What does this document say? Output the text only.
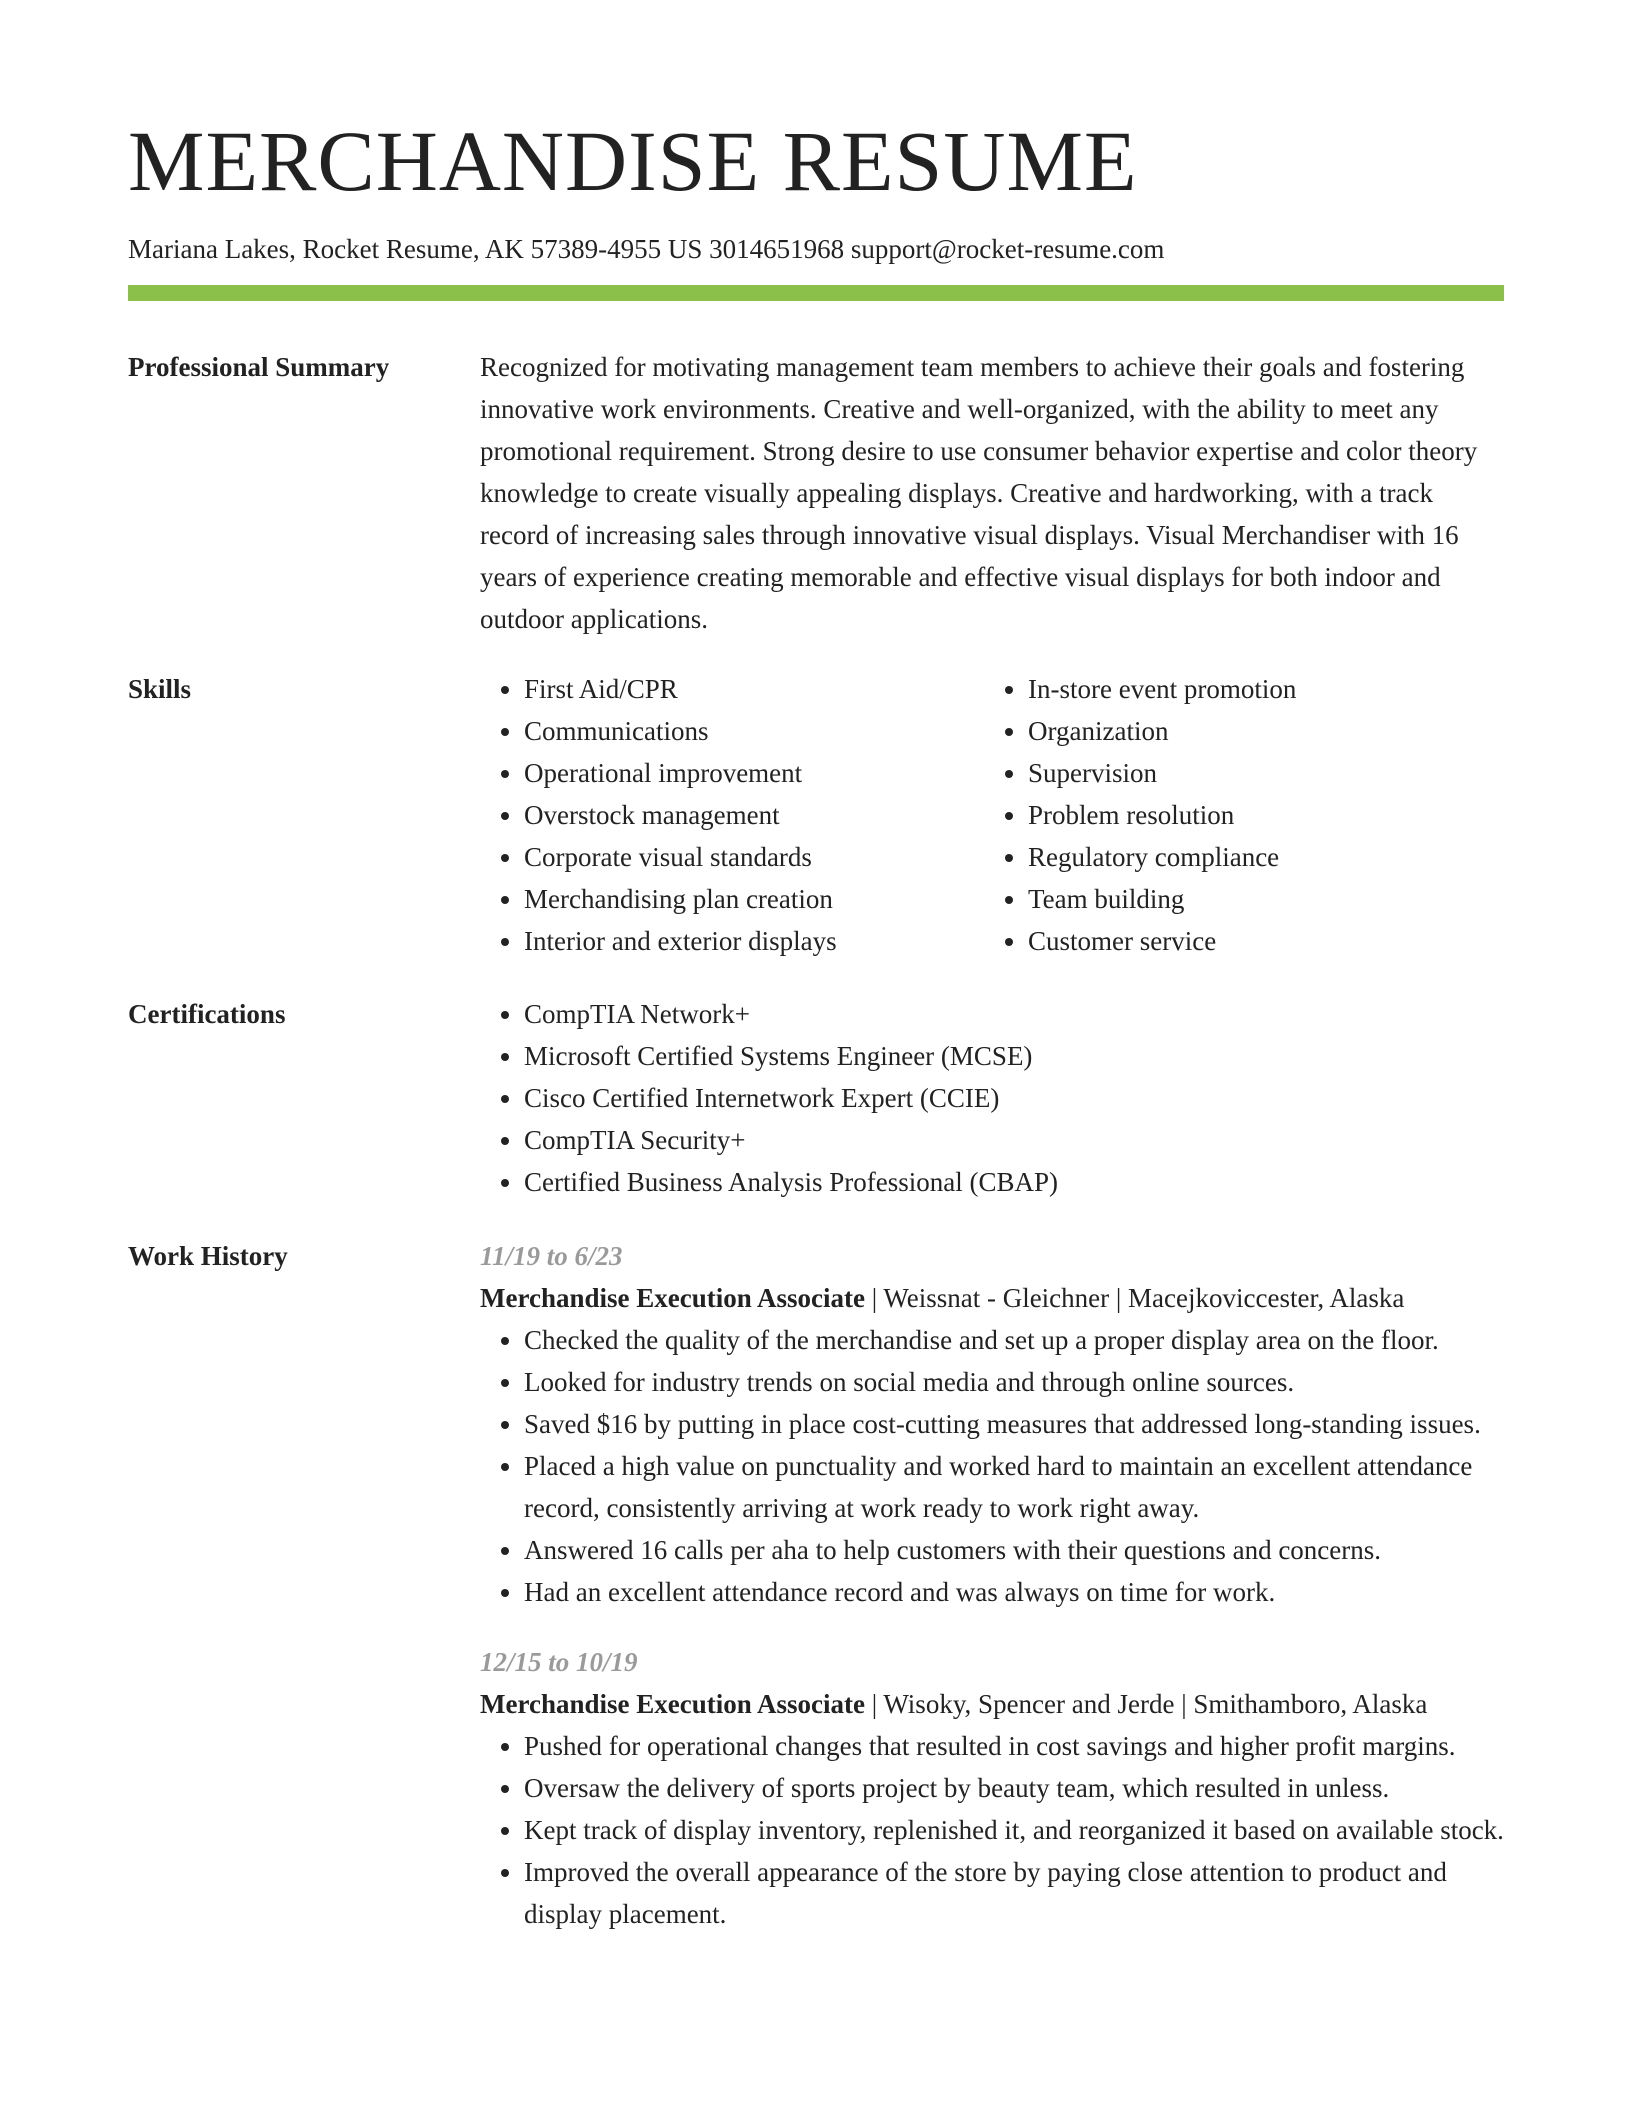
MERCHANDISE RESUME
Mariana Lakes, Rocket Resume, AK 57389-4955 US 3014651968 support@rocket-resume.com
Professional Summary	Recognized for motivating management team members to achieve their goals and fostering innovative work environments. Creative and well-organized, with the ability to meet any promotional requirement. Strong desire to use consumer behavior expertise and color theory knowledge to create visually appealing displays. Creative and hardworking, with a track record of increasing sales through innovative visual displays. Visual Merchandiser with 16 years of experience creating memorable and effective visual displays for both indoor and outdoor applications.

Skills	• First Aid/CPR
• Communications
• Operational improvement
• Overstock management
• Corporate visual standards
• Merchandising plan creation
• Interior and exterior displays
• In-store event promotion
• Organization
• Supervision
• Problem resolution
• Regulatory compliance
• Team building
• Customer service
Certifications	• CompTIA Network+
• Microsoft Certified Systems Engineer (MCSE)
• Cisco Certified Internetwork Expert (CCIE)
• CompTIA Security+
• Certified Business Analysis Professional (CBAP)
Work History	11/19 to 6/23
Merchandise Execution Associate | Weissnat - Gleichner | Macejkoviccester, Alaska
• Checked the quality of the merchandise and set up a proper display area on the floor.
• Looked for industry trends on social media and through online sources.
• Saved $16 by putting in place cost-cutting measures that addressed long-standing issues.
• Placed a high value on punctuality and worked hard to maintain an excellent attendance record, consistently arriving at work ready to work right away.
• Answered 16 calls per aha to help customers with their questions and concerns.
• Had an excellent attendance record and was always on time for work.
12/15 to 10/19
Merchandise Execution Associate | Wisoky, Spencer and Jerde | Smithamboro, Alaska
• Pushed for operational changes that resulted in cost savings and higher profit margins.
• Oversaw the delivery of sports project by beauty team, which resulted in unless.
• Kept track of display inventory, replenished it, and reorganized it based on available stock.
• Improved the overall appearance of the store by paying close attention to product and display placement.
